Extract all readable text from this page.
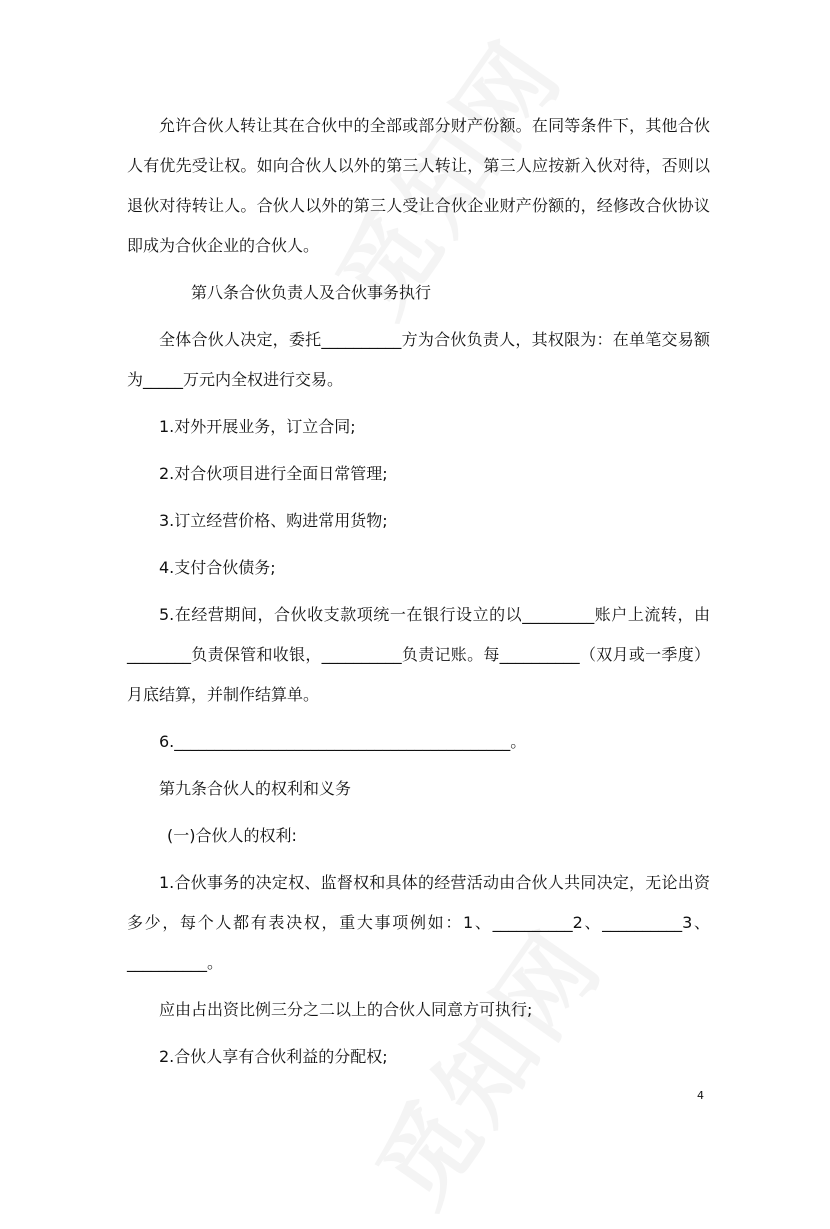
允许合伙人转让其在合伙中的全部或部分财产份额。在同等条件下，其他合伙人有优先受让权。如向合伙人以外的第三人转让，第三人应按新入伙对待，否则以退伙对待转让人。合伙人以外的第三人受让合伙企业财产份额的，经修改合伙协议即成为合伙企业的合伙人。

第八条合伙负责人及合伙事务执行

全体合伙人决定，委托__________方为合伙负责人，其权限为：在单笔交易额为_____万元内全权进行交易。

1.对外开展业务，订立合同;

2.对合伙项目进行全面日常管理;

3.订立经营价格、购进常用货物;

4.支付合伙债务;

5.在经营期间，合伙收支款项统一在银行设立的以_________账户上流转，由________负责保管和收银，__________负责记账。每__________（双月或一季度）月底结算，并制作结算单。

6.__________________________________________。

第九条合伙人的权利和义务

(一)合伙人的权利:

1.合伙事务的决定权、监督权和具体的经营活动由合伙人共同决定，无论出资多少，每个人都有表决权，重大事项例如：1、__________2、__________3、__________。

应由占出资比例三分之二以上的合伙人同意方可执行;

2.合伙人享有合伙利益的分配权;

4
